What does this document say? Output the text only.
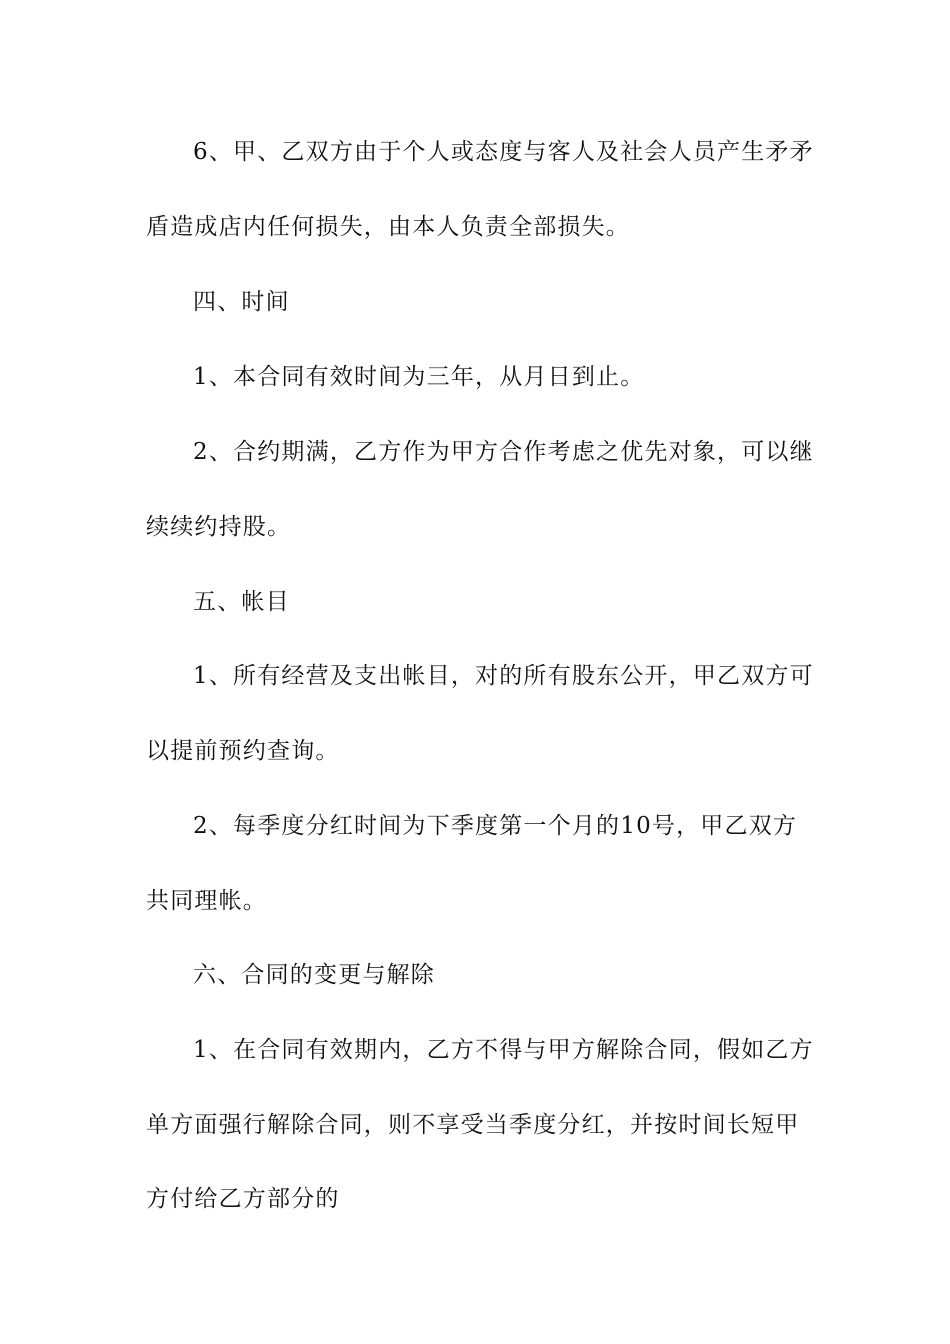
6、甲、乙双方由于个人或态度与客人及社会人员产生矛矛
盾造成店内任何损失，由本人负责全部损失。
四、时间
1、本合同有效时间为三年，从月日到止。
2、合约期满，乙方作为甲方合作考虑之优先对象，可以继
续续约持股。
五、帐目
1、所有经营及支出帐目，对的所有股东公开，甲乙双方可
以提前预约查询。
2、每季度分红时间为下季度第一个月的10号，甲乙双方
共同理帐。
六、合同的变更与解除
1、在合同有效期内，乙方不得与甲方解除合同，假如乙方
单方面强行解除合同，则不享受当季度分红，并按时间长短甲
方付给乙方部分的
